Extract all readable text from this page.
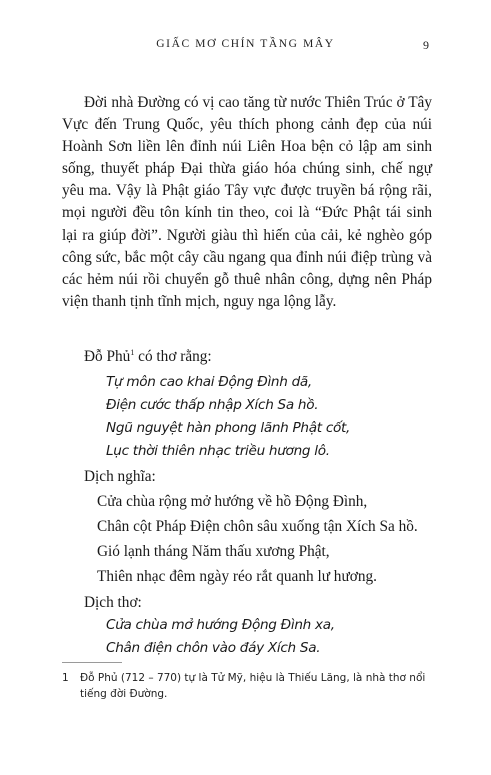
GIẤC MƠ CHÍN TẦNG MÂY	9

Đời nhà Đường có vị cao tăng từ nước Thiên Trúc ở Tây Vực đến Trung Quốc, yêu thích phong cảnh đẹp của núi Hoành Sơn liền lên đỉnh núi Liên Hoa bện cỏ lập am sinh sống, thuyết pháp Đại thừa giáo hóa chúng sinh, chế ngự yêu ma. Vậy là Phật giáo Tây vực được truyền bá rộng rãi, mọi người đều tôn kính tin theo, coi là “Đức Phật tái sinh lại ra giúp đời”. Người giàu thì hiến của cải, kẻ nghèo góp công sức, bắc một cây cầu ngang qua đỉnh núi điệp trùng và các hẻm núi rồi chuyển gỗ thuê nhân công, dựng nên Pháp viện thanh tịnh tĩnh mịch, nguy nga lộng lẫy.

Đỗ Phủ$^1$ có thơ rằng:
Tự môn cao khai Động Đình dã,
Điện cước thấp nhập Xích Sa hồ.
Ngũ nguyệt hàn phong lãnh Phật cốt,
Lục thời thiên nhạc triều hương lô.
Dịch nghĩa:
Cửa chùa rộng mở hướng về hồ Động Đình,
Chân cột Pháp Điện chôn sâu xuống tận Xích Sa hồ.
Gió lạnh tháng Năm thấu xương Phật,
Thiên nhạc đêm ngày réo rắt quanh lư hương.
Dịch thơ:
Cửa chùa mở hướng Động Đình xa,
Chân điện chôn vào đáy Xích Sa.
1 Đỗ Phủ (712 – 770) tự là Tử Mỹ, hiệu là Thiếu Lăng, là nhà thơ nổi tiếng đời Đường.
